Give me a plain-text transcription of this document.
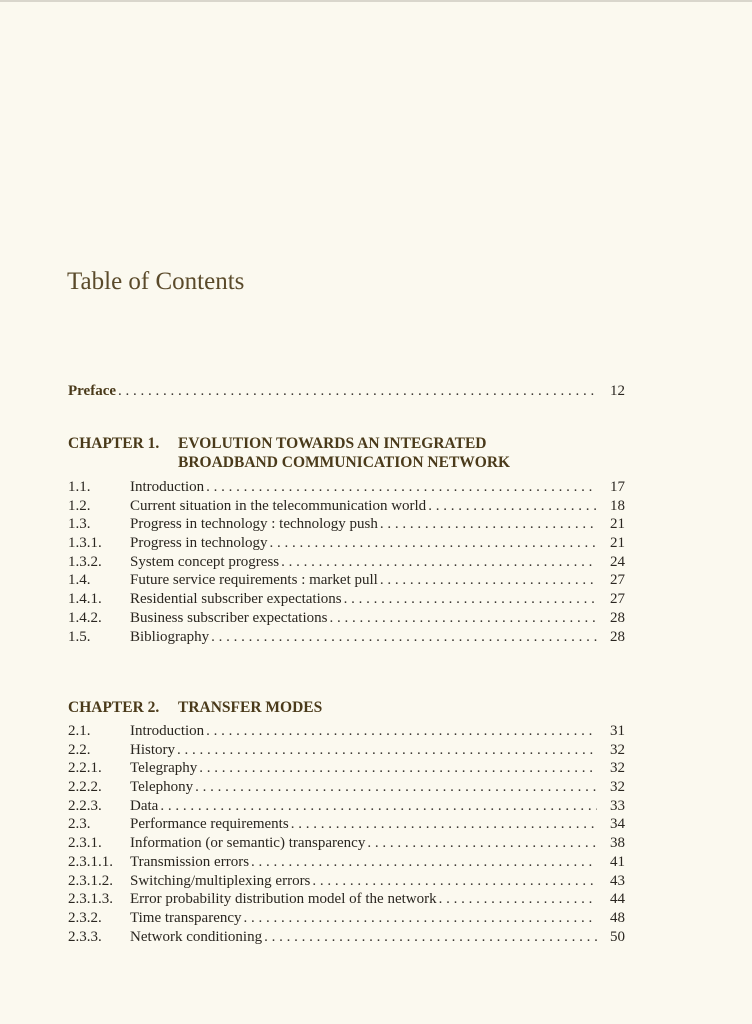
Table of Contents
Preface . . .	12
CHAPTER 1. EVOLUTION TOWARDS AN INTEGRATED
BROADBAND COMMUNICATION NETWORK
1.1.	Introduction . . .	17
1.2.	Current situation in the telecommunication world . . .	18
1.3.	Progress in technology : technology push . . .	21
1.3.1.	Progress in technology . . .	21
1.3.2.	System concept progress . . .	24
1.4.	Future service requirements : market pull . . .	27
1.4.1.	Residential subscriber expectations . . .	27
1.4.2.	Business subscriber expectations . . .	28
1.5.	Bibliography . . .	28
CHAPTER 2. TRANSFER MODES
2.1.	Introduction . . .	31
2.2.	History . . .	32
2.2.1.	Telegraphy . . .	32
2.2.2.	Telephony . . .	32
2.2.3.	Data . . .	33
2.3.	Performance requirements . . .	34
2.3.1.	Information (or semantic) transparency . . .	38
2.3.1.1.	Transmission errors . . .	41
2.3.1.2.	Switching/multiplexing errors . . .	43
2.3.1.3.	Error probability distribution model of the network . . .	44
2.3.2.	Time transparency . . .	48
2.3.3.	Network conditioning . . .	50
